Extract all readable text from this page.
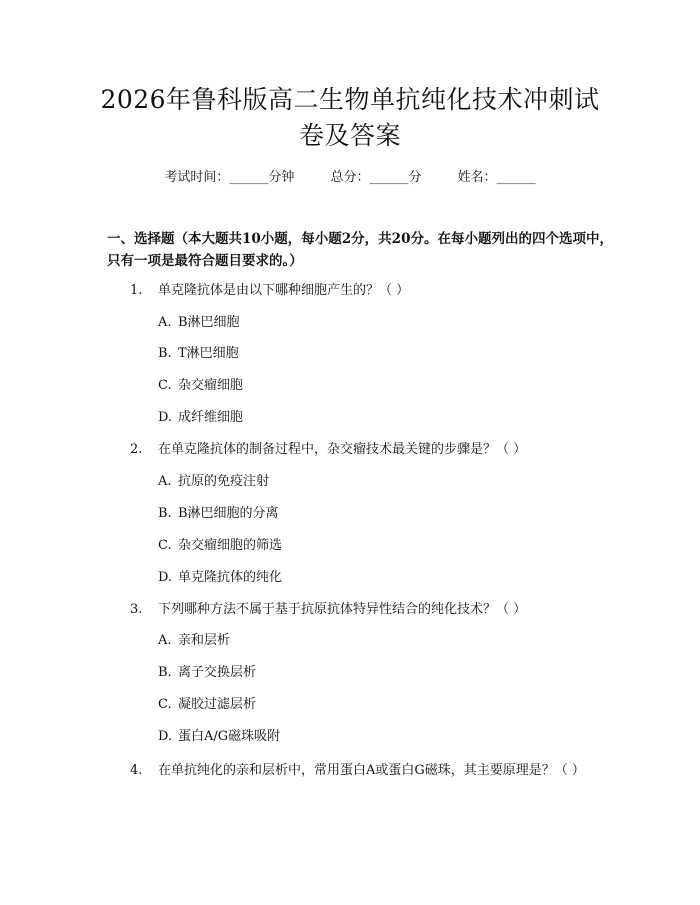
2026年鲁科版高二生物单抗纯化技术冲刺试
卷及答案
考试时间：______分钟	总分：______分	姓名：______

一、选择题（本大题共10小题，每小题2分，共20分。在每小题列出的四个选项中，只有一项是最符合题目要求的。）

1. 单克隆抗体是由以下哪种细胞产生的？（ ）
A. B淋巴细胞
B. T淋巴细胞
C. 杂交瘤细胞
D. 成纤维细胞
2. 在单克隆抗体的制备过程中，杂交瘤技术最关键的步骤是？（ ）
A. 抗原的免疫注射
B. B淋巴细胞的分离
C. 杂交瘤细胞的筛选
D. 单克隆抗体的纯化
3. 下列哪种方法不属于基于抗原抗体特异性结合的纯化技术？（ ）
A. 亲和层析
B. 离子交换层析
C. 凝胶过滤层析
D. 蛋白A/G磁珠吸附
4. 在单抗纯化的亲和层析中，常用蛋白A或蛋白G磁珠，其主要原理是？（ ）
